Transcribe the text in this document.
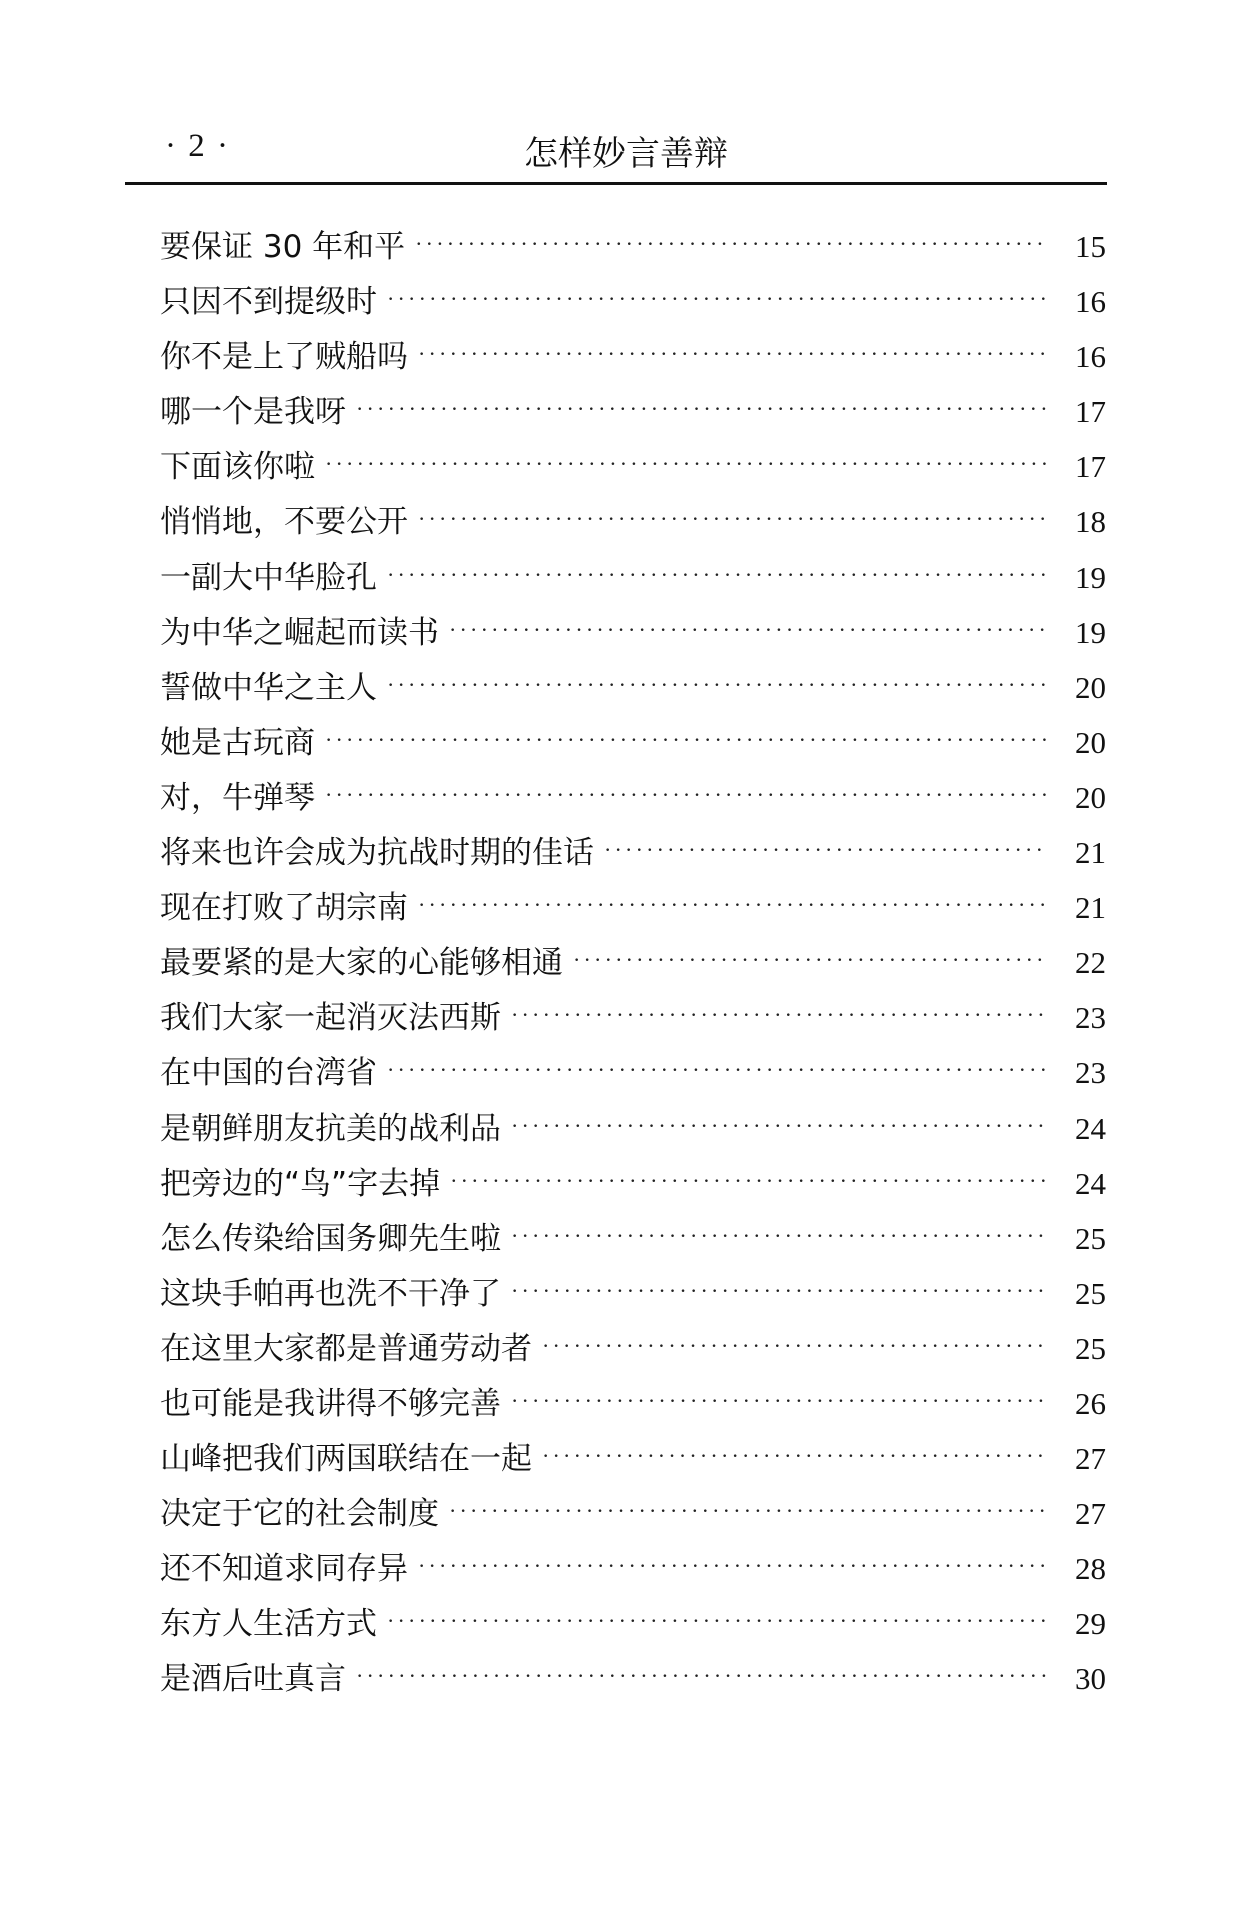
· 2 ·	怎样妙言善辩
要保证 30 年和平 ·····	15
只因不到提级时 ·····	16
你不是上了贼船吗 ·····	16
哪一个是我呀 ·····	17
下面该你啦 ·····	17
悄悄地，不要公开 ·····	18
一副大中华脸孔 ·····	19
为中华之崛起而读书 ·····	19
誓做中华之主人 ·····	20
她是古玩商 ·····	20
对，牛弹琴 ·····	20
将来也许会成为抗战时期的佳话 ·····	21
现在打败了胡宗南 ·····	21
最要紧的是大家的心能够相通 ·····	22
我们大家一起消灭法西斯 ·····	23
在中国的台湾省 ·····	23
是朝鲜朋友抗美的战利品 ·····	24
把旁边的“鸟”字去掉 ·····	24
怎么传染给国务卿先生啦 ·····	25
这块手帕再也洗不干净了 ·····	25
在这里大家都是普通劳动者 ·····	25
也可能是我讲得不够完善 ·····	26
山峰把我们两国联结在一起 ·····	27
决定于它的社会制度 ·····	27
还不知道求同存异 ·····	28
东方人生活方式 ·····	29
是酒后吐真言 ·····	30
